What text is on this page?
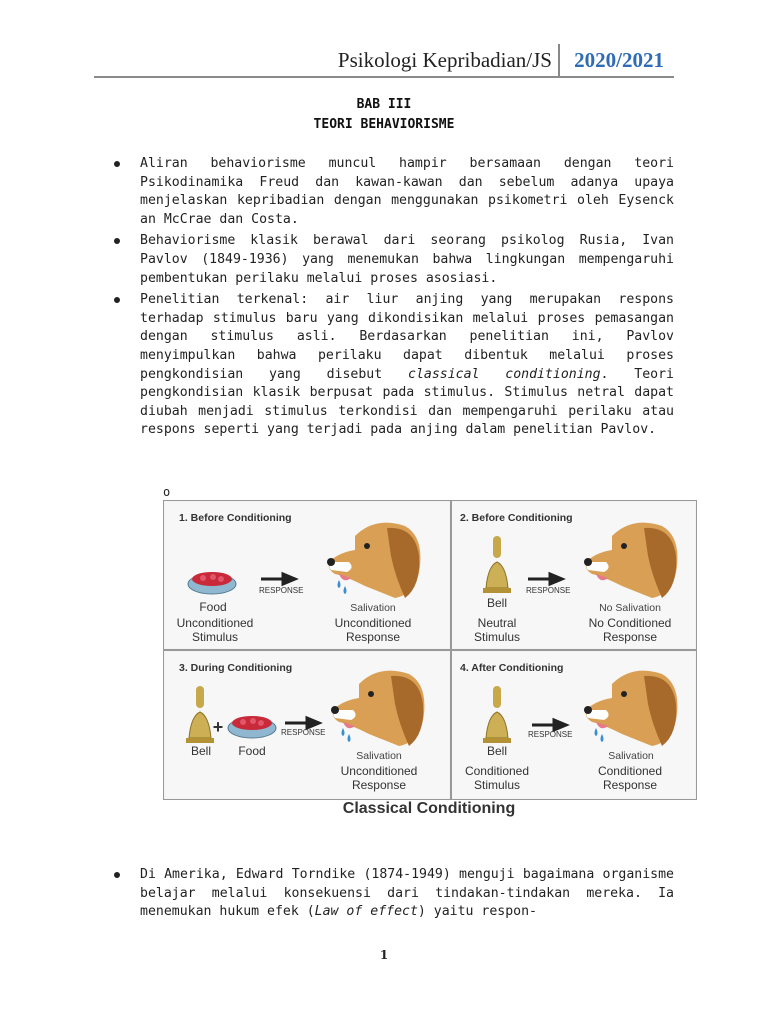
Psikologi Kepribadian/JS 2020/2021
BAB III
TEORI BEHAVIORISME
Aliran behaviorisme muncul hampir bersamaan dengan teori Psikodinamika Freud dan kawan-kawan dan sebelum adanya upaya menjelaskan kepribadian dengan menggunakan psikometri oleh Eysenck an McCrae dan Costa.
Behaviorisme klasik berawal dari seorang psikolog Rusia, Ivan Pavlov (1849-1936) yang menemukan bahwa lingkungan mempengaruhi pembentukan perilaku melalui proses asosiasi.
Penelitian terkenal: air liur anjing yang merupakan respons terhadap stimulus baru yang dikondisikan melalui proses pemasangan dengan stimulus asli. Berdasarkan penelitian ini, Pavlov menyimpulkan bahwa perilaku dapat dibentuk melalui proses pengkondisian yang disebut classical conditioning. Teori pengkondisian klasik berpusat pada stimulus. Stimulus netral dapat diubah menjadi stimulus terkondisi dan mempengaruhi perilaku atau respons seperti yang terjadi pada anjing dalam penelitian Pavlov.
o
1. Before Conditioning
Food
Unconditioned
Stimulus
RESPONSE
Salivation
Unconditioned
Response
2. Before Conditioning
Bell
Neutral
Stimulus
RESPONSE
No Salivation
No Conditioned
Response
3. During Conditioning
+
Bell	Food
RESPONSE
Salivation
Unconditioned
Response
4. After Conditioning
Bell
Conditioned
Stimulus
RESPONSE
Salivation
Conditioned
Response
Classical Conditioning
Di Amerika, Edward Torndike (1874-1949) menguji bagaimana organisme belajar melalui konsekuensi dari tindakan-tindakan mereka. Ia menemukan hukum efek (Law of effect) yaitu respon-
1
